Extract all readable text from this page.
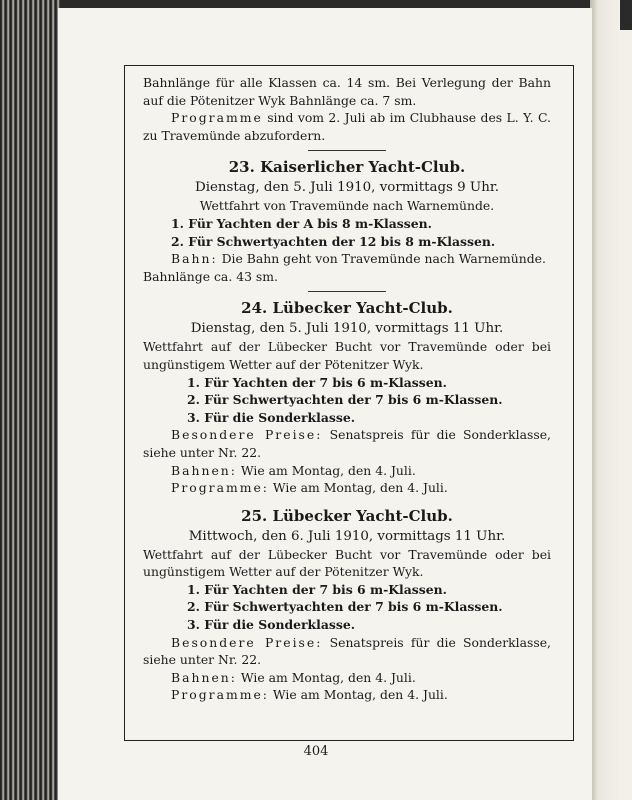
Bahnlänge für alle Klassen ca. 14 sm. Bei Verlegung der Bahn auf die Pötenitzer Wyk Bahnlänge ca. 7 sm.

Programme sind vom 2. Juli ab im Clubhause des L. Y. C. zu Travemünde abzufordern.

23. Kaiserlicher Yacht-Club.

Dienstag, den 5. Juli 1910, vormittags 9 Uhr.

Wettfahrt von Travemünde nach Warnemünde.

1. Für Yachten der A bis 8 m-Klassen.

2. Für Schwertyachten der 12 bis 8 m-Klassen.

Bahn: Die Bahn geht von Travemünde nach Warnemünde.

Bahnlänge ca. 43 sm.

24. Lübecker Yacht-Club.

Dienstag, den 5. Juli 1910, vormittags 11 Uhr.

Wettfahrt auf der Lübecker Bucht vor Travemünde oder bei ungünstigem Wetter auf der Pötenitzer Wyk.

1. Für Yachten der 7 bis 6 m-Klassen.

2. Für Schwertyachten der 7 bis 6 m-Klassen.

3. Für die Sonderklasse.

Besondere Preise: Senatspreis für die Sonderklasse, siehe unter Nr. 22.

Bahnen: Wie am Montag, den 4. Juli.

Programme: Wie am Montag, den 4. Juli.

25. Lübecker Yacht-Club.

Mittwoch, den 6. Juli 1910, vormittags 11 Uhr.

Wettfahrt auf der Lübecker Bucht vor Travemünde oder bei ungünstigem Wetter auf der Pötenitzer Wyk.

1. Für Yachten der 7 bis 6 m-Klassen.

2. Für Schwertyachten der 7 bis 6 m-Klassen.

3. Für die Sonderklasse.

Besondere Preise: Senatspreis für die Sonderklasse, siehe unter Nr. 22.

Bahnen: Wie am Montag, den 4. Juli.

Programme: Wie am Montag, den 4. Juli.

404
